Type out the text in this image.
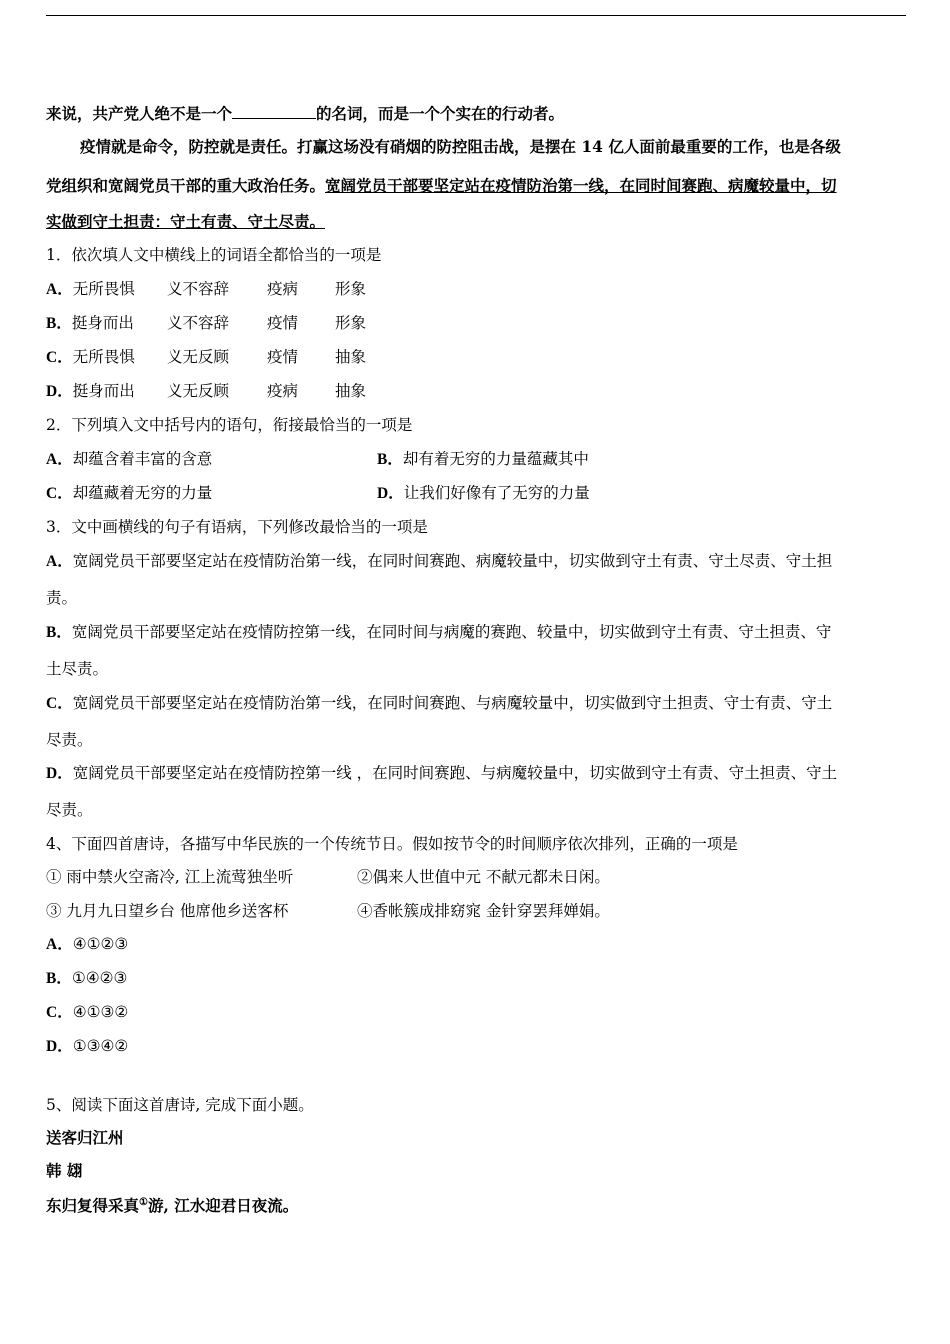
来说，共产党人绝不是一个	的名词，而是一个个实在的行动者。
疫情就是命令，防控就是责任。打赢这场没有硝烟的防控阻击战，是摆在 14 亿人面前最重要的工作，也是各级
党组织和宽阔党员干部的重大政治任务。宽阔党员干部要坚定站在疫情防治第一线，在同时间赛跑、病魔较量中，切
实做到守土担责：守土有责、守土尽责。
1．依次填人文中横线上的词语全都恰当的一项是
A．无所畏惧 义不容辞 疫病 形象
B．挺身而出 义不容辞 疫情 形象
C．无所畏惧 义无反顾 疫情 抽象
D．挺身而出 义无反顾 疫病 抽象
2．下列填入文中括号内的语句，衔接最恰当的一项是
A．却蕴含着丰富的含意	B．却有着无穷的力量蕴藏其中
C．却蕴藏着无穷的力量	D．让我们好像有了无穷的力量
3．文中画横线的句子有语病，下列修改最恰当的一项是
A．宽阔党员干部要坚定站在疫情防治第一线，在同时间赛跑、病魔较量中，切实做到守土有责、守土尽责、守土担
责。
B．宽阔党员干部要坚定站在疫情防控第一线，在同时间与病魔的赛跑、较量中，切实做到守土有责、守土担责、守
土尽责。
C．宽阔党员干部要坚定站在疫情防治第一线，在同时间赛跑、与病魔较量中，切实做到守土担责、守士有责、守土
尽责。
D．宽阔党员干部要坚定站在疫情防控第一线 ，在同时间赛跑、与病魔较量中，切实做到守土有责、守土担责、守土
尽责。
4、下面四首唐诗，各描写中华民族的一个传统节日。假如按节令的时间顺序依次排列，正确的一项是
① 雨中禁火空斋冷, 江上流莺独坐听	②偶来人世值中元 不献元都未日闲。
③ 九月九日望乡台 他席他乡送客杯	④香帐簇成排窈窕 金针穿罢拜婵娟。
A．④①②③
B．①④②③
C．④①③②
D．①③④②
5、阅读下面这首唐诗, 完成下面小题。
送客归江州
韩 翃
东归复得采真①游, 江水迎君日夜流。
